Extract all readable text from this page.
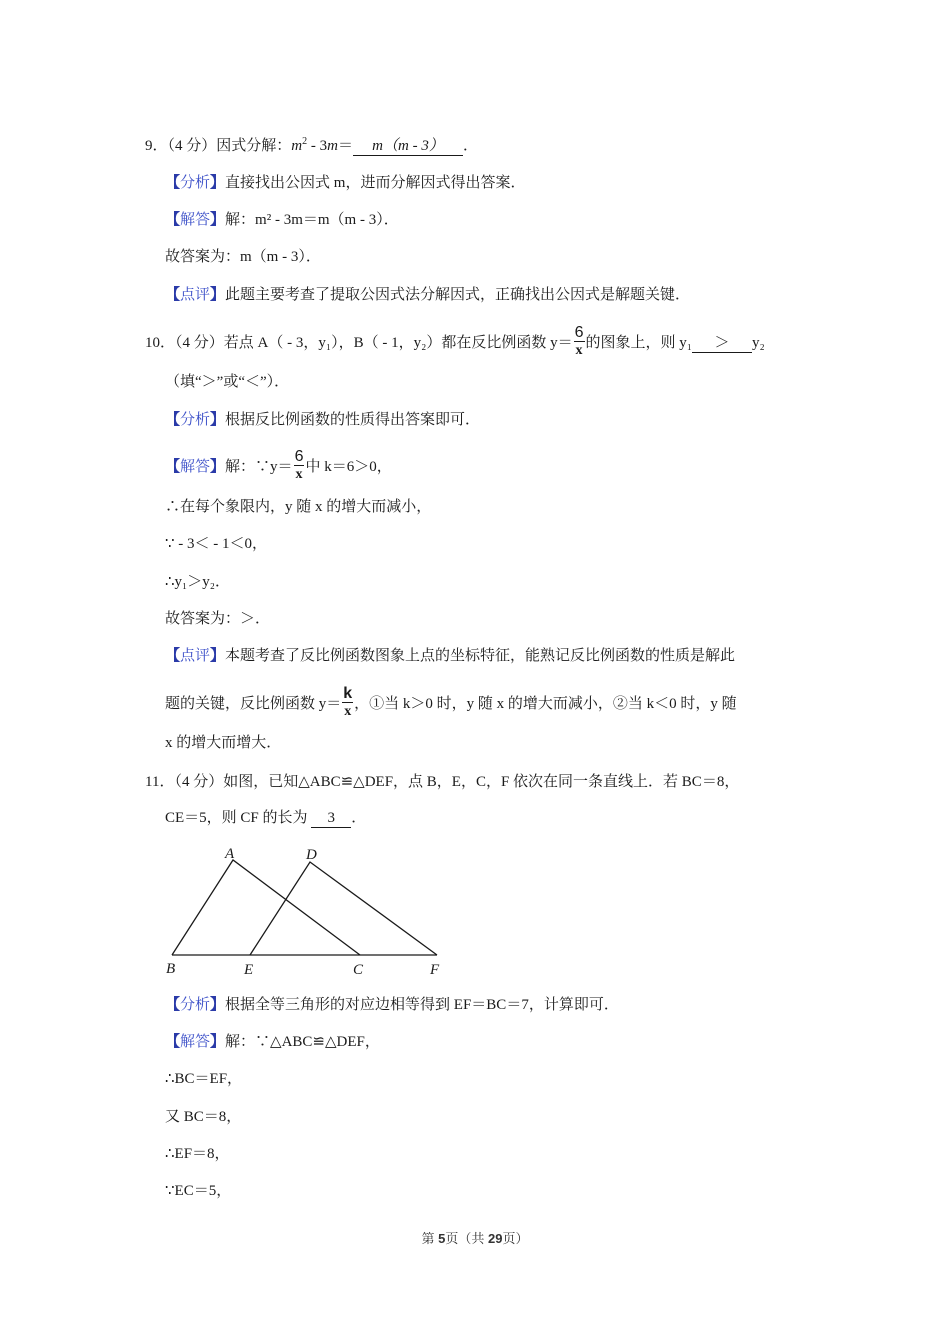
9．（4 分）因式分解：$m^2 - 3m= m(m - 3)$ ．
【分析】直接找出公因式 m，进而分解因式得出答案．
【解答】解：m² - 3m＝m（m - 3）．
故答案为：m（m - 3）．
【点评】此题主要考查了提取公因式法分解因式，正确找出公因式是解题关键．
10．（4 分）若点 A（ - 3，y₁），B（ - 1，y₂）都在反比例函数 $y= \frac{6}{x}$ 的图象上，则 y₁ ＞ y₂
（填“＞”或“＜”）．
【分析】根据反比例函数的性质得出答案即可．
【解答】解：∵y＝ $\frac{6}{x}$ 中 k＝6＞0，
∴在每个象限内，y 随 x 的增大而减小，
∵ - 3＜ - 1＜0，
∴y₁＞y₂．
故答案为：＞．
【点评】本题考查了反比例函数图象上点的坐标特征，能熟记反比例函数的性质是解此
题的关键，反比例函数 $y= \frac{k}{x}$ ，①当 k＞0 时，y 随 x 的增大而减小，②当 k＜0 时，y 随
x 的增大而增大．
11．（4 分）如图，已知△ABC≌△DEF，点 B，E，C，F 依次在同一条直线上．若 BC＝8，
CE＝5，则 CF 的长为 3 ．
A	D
B	E	C	F
【分析】根据全等三角形的对应边相等得到 EF＝BC＝7，计算即可．
【解答】解：∵△ABC≌△DEF，
∴BC＝EF，
又 BC＝8，
∴EF＝8，
∵EC＝5，
第 5页（共 29页）
